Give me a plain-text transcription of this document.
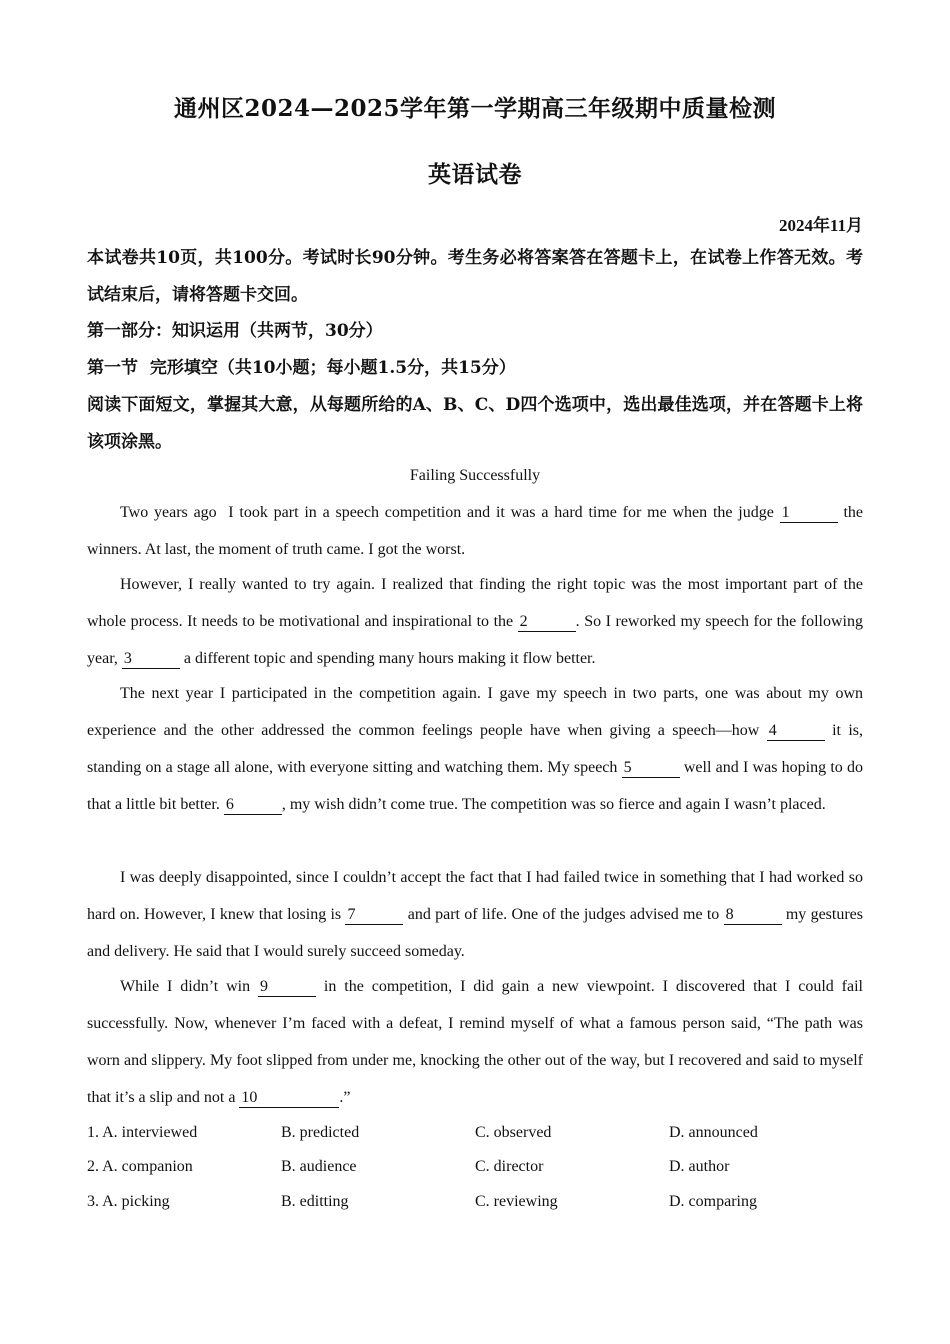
通州区2024—2025学年第一学期高三年级期中质量检测
英语试卷
2024年11月
本试卷共10页，共100分。考试时长90分钟。考生务必将答案答在答题卡上，在试卷上作答无效。考试结束后，请将答题卡交回。
第一部分：知识运用（共两节，30分）
第一节  完形填空（共10小题；每小题1.5分，共15分）
阅读下面短文，掌握其大意，从每题所给的A、B、C、D四个选项中，选出最佳选项，并在答题卡上将该项涂黑。
Failing Successfully
Two years ago  I took part in a speech competition and it was a hard time for me when the judge 1	the winners. At last, the moment of truth came. I got the worst.
However, I really wanted to try again. I realized that finding the right topic was the most important part of the whole process. It needs to be motivational and inspirational to the 2	. So I reworked my speech for the following year, 3	a different topic and spending many hours making it flow better.
The next year I participated in the competition again. I gave my speech in two parts, one was about my own experience and the other addressed the common feelings people have when giving a speech—how 4	it is, standing on a stage all alone, with everyone sitting and watching them. My speech 5	well and I was hoping to do that a little bit better. 6	, my wish didn’t come true. The competition was so fierce and again I wasn’t placed.
I was deeply disappointed, since I couldn’t accept the fact that I had failed twice in something that I had worked so hard on. However, I knew that losing is 7	and part of life. One of the judges advised me to 8	my gestures and delivery. He said that I would surely succeed someday.
While I didn’t win 9	in the competition, I did gain a new viewpoint. I discovered that I could fail successfully. Now, whenever I’m faced with a defeat, I remind myself of what a famous person said, “The path was worn and slippery. My foot slipped from under me, knocking the other out of the way, but I recovered and said to myself that it’s a slip and not a 10	.”
1. A. interviewed	B. predicted	C. observed	D. announced
2. A. companion	B. audience	C. director	D. author
3. A. picking	B. editting	C. reviewing	D. comparing
